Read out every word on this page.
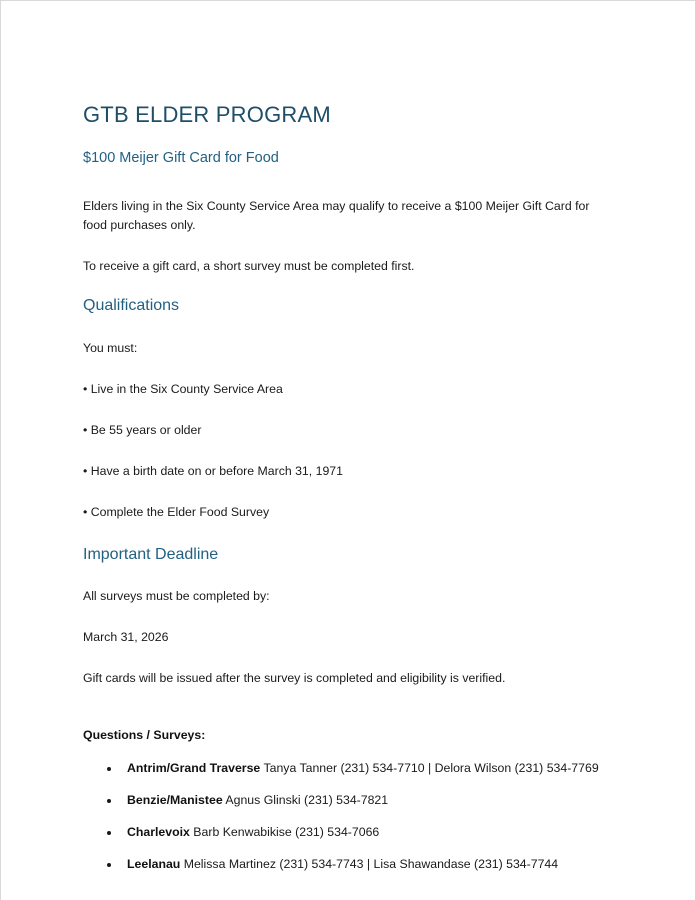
GTB ELDER PROGRAM
$100 Meijer Gift Card for Food

Elders living in the Six County Service Area may qualify to receive a $100 Meijer Gift Card for food purchases only.

To receive a gift card, a short survey must be completed first.

Qualifications

You must:

• Live in the Six County Service Area
• Be 55 years or older
• Have a birth date on or before March 31, 1971
• Complete the Elder Food Survey
Important Deadline

All surveys must be completed by:

March 31, 2026

Gift cards will be issued after the survey is completed and eligibility is verified.

Questions / Surveys:
• Antrim/Grand Traverse Tanya Tanner (231) 534-7710 | Delora Wilson (231) 534-7769
• Benzie/Manistee Agnus Glinski (231) 534-7821
• Charlevoix Barb Kenwabikise (231) 534-7066
• Leelanau Melissa Martinez (231) 534-7743 | Lisa Shawandase (231) 534-7744
